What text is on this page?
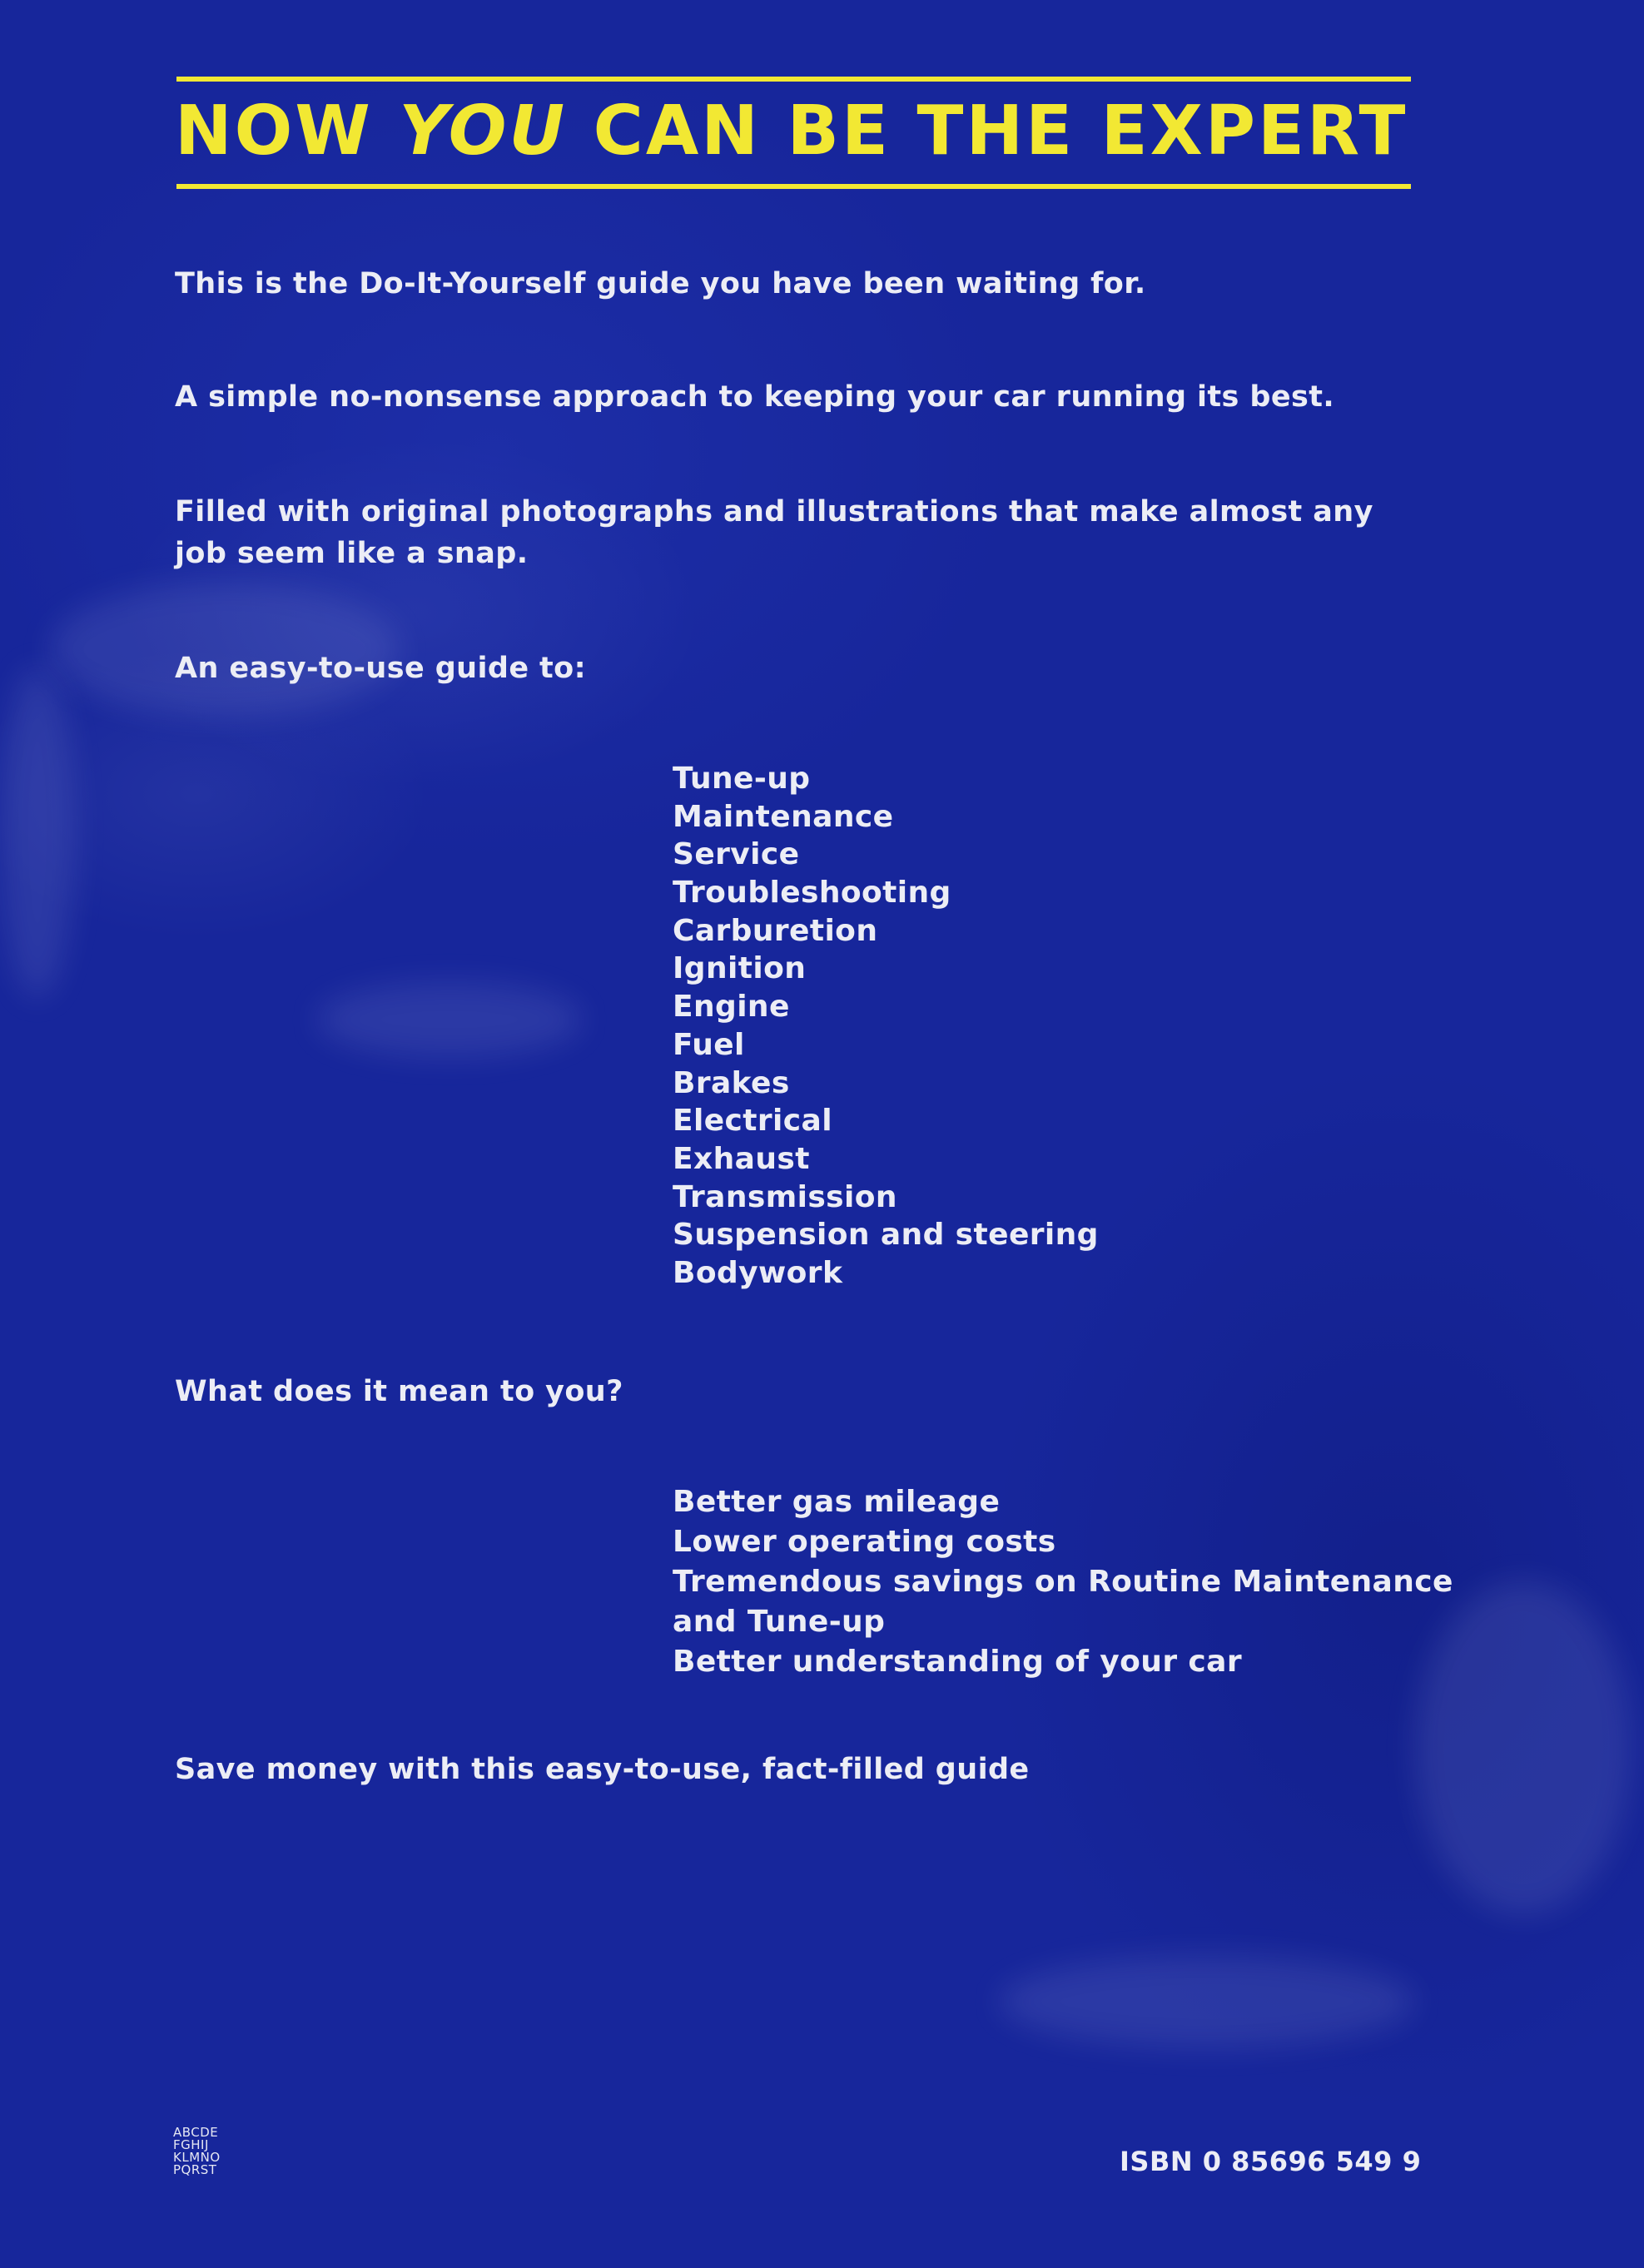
NOW YOU CAN BE THE EXPERT
This is the Do-It-Yourself guide you have been waiting for.
A simple no-nonsense approach to keeping your car running its best.
Filled with original photographs and illustrations that make almost any job seem like a snap.
An easy-to-use guide to:
Tune-up
Maintenance
Service
Troubleshooting
Carburetion
Ignition
Engine
Fuel
Brakes
Electrical
Exhaust
Transmission
Suspension and steering
Bodywork
What does it mean to you?
Better gas mileage
Lower operating costs
Tremendous savings on Routine Maintenance
and Tune-up
Better understanding of your car
Save money with this easy-to-use, fact-filled guide
ABCDE
FGHIJ
KLMNO
PQRST	ISBN 0 85696 549 9
